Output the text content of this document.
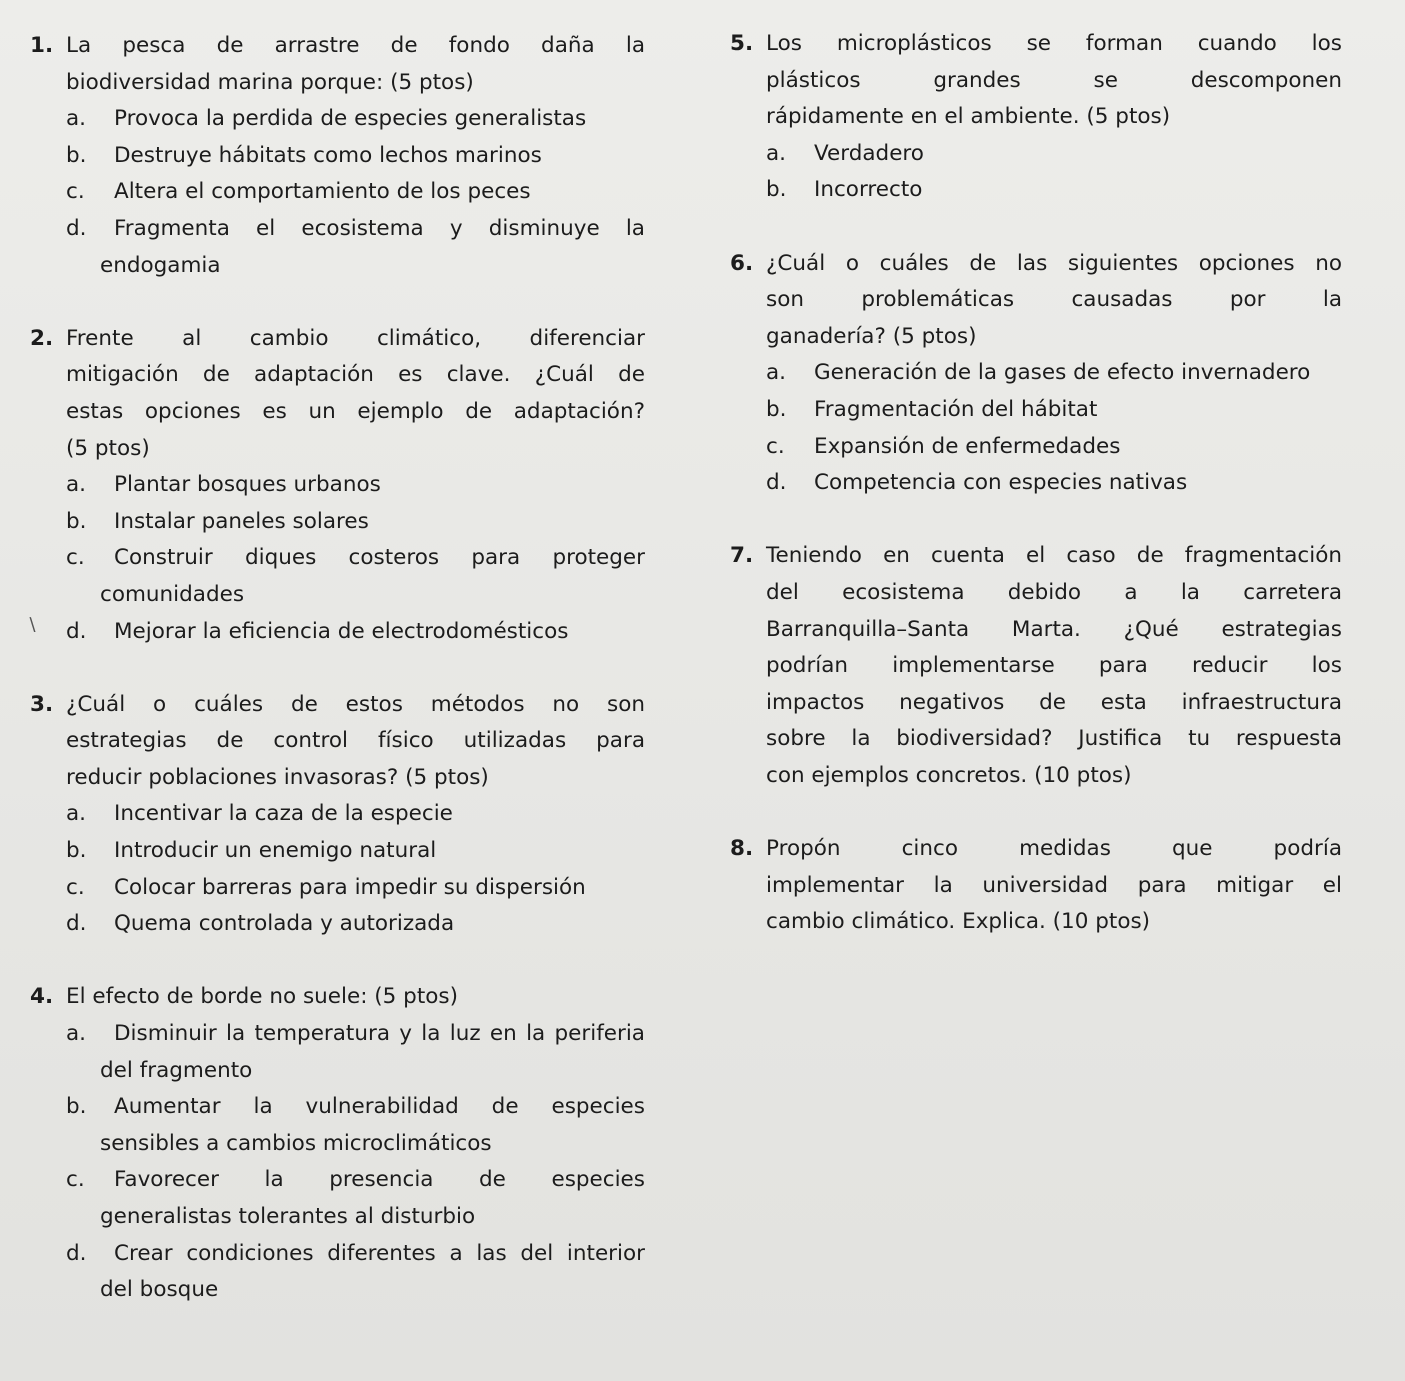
1. La pesca de arrastre de fondo daña la
biodiversidad marina porque: (5 ptos)
a.	Provoca la perdida de especies generalistas
b.	Destruye hábitats como lechos marinos
c.	Altera el comportamiento de los peces
d.	Fragmenta el ecosistema y disminuye la
endogamia
2. Frente al cambio climático, diferenciar
mitigación de adaptación es clave. ¿Cuál de
estas opciones es un ejemplo de adaptación?
(5 ptos)
a.	Plantar bosques urbanos
b.	Instalar paneles solares
c.	Construir diques costeros para proteger
comunidades
d.	Mejorar la eficiencia de electrodomésticos
3. ¿Cuál o cuáles de estos métodos no son
estrategias de control físico utilizadas para
reducir poblaciones invasoras? (5 ptos)
a.	Incentivar la caza de la especie
b.	Introducir un enemigo natural
c.	Colocar barreras para impedir su dispersión
d.	Quema controlada y autorizada
4. El efecto de borde no suele: (5 ptos)
a.	Disminuir la temperatura y la luz en la periferia
del fragmento
b.	Aumentar la vulnerabilidad de especies
sensibles a cambios microclimáticos
c.	Favorecer la presencia de especies
generalistas tolerantes al disturbio
d.	Crear condiciones diferentes a las del interior
del bosque
5. Los microplásticos se forman cuando los
plásticos grandes se descomponen
rápidamente en el ambiente. (5 ptos)
a.	Verdadero
b.	Incorrecto
6. ¿Cuál o cuáles de las siguientes opciones no
son problemáticas causadas por la
ganadería? (5 ptos)
a.	Generación de la gases de efecto invernadero
b.	Fragmentación del hábitat
c.	Expansión de enfermedades
d.	Competencia con especies nativas
7. Teniendo en cuenta el caso de fragmentación
del ecosistema debido a la carretera
Barranquilla–Santa Marta. ¿Qué estrategias
podrían implementarse para reducir los
impactos negativos de esta infraestructura
sobre la biodiversidad? Justifica tu respuesta
con ejemplos concretos. (10 ptos)
8. Propón cinco medidas que podría
implementar la universidad para mitigar el
cambio climático. Explica. (10 ptos)
∖
